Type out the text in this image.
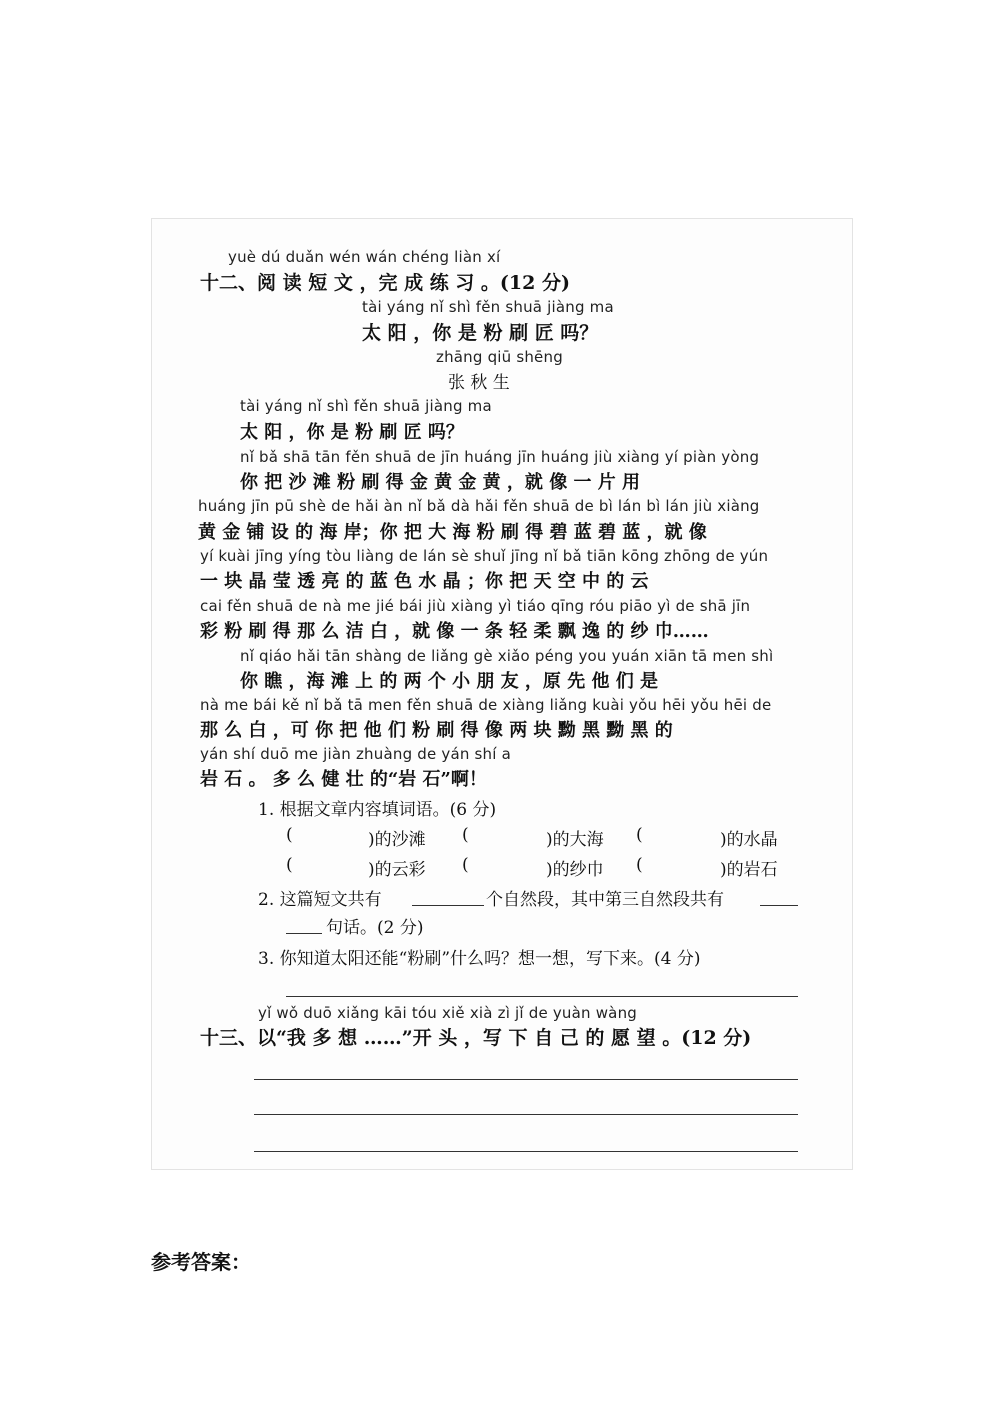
yuè dú duǎn wén wán chéng liàn xí
十二、阅 读 短 文 ，完 成 练 习 。(12 分)
tài yáng nǐ shì fěn shuā jiàng ma
太 阳 ，你 是 粉 刷 匠 吗？
zhāng qiū shēng
张 秋 生
tài yáng nǐ shì fěn shuā jiàng ma
太 阳 ，你 是 粉 刷 匠 吗？
nǐ bǎ shā tān fěn shuā de jīn huáng jīn huáng jiù xiàng yí piàn yòng
你 把 沙 滩 粉 刷 得 金 黄 金 黄 ，就 像 一 片 用
huáng jīn pū shè de hǎi àn nǐ bǎ dà hǎi fěn shuā de bì lán bì lán jiù xiàng
黄 金 铺 设 的 海 岸；你 把 大 海 粉 刷 得 碧 蓝 碧 蓝 ，就 像
yí kuài jīng yíng tòu liàng de lán sè shuǐ jīng nǐ bǎ tiān kōng zhōng de yún
一 块 晶 莹 透 亮 的 蓝 色 水 晶 ；你 把 天 空 中 的 云
cai fěn shuā de nà me jié bái jiù xiàng yì tiáo qīng róu piāo yì de shā jīn
彩 粉 刷 得 那 么 洁 白 ，就 像 一 条 轻 柔 飘 逸 的 纱 巾……
nǐ qiáo hǎi tān shàng de liǎng gè xiǎo péng you yuán xiān tā men shì
你 瞧 ，海 滩 上 的 两 个 小 朋 友 ，原 先 他 们 是
nà me bái kě nǐ bǎ tā men fěn shuā de xiàng liǎng kuài yǒu hēi yǒu hēi de
那 么 白 ，可 你 把 他 们 粉 刷 得 像 两 块 黝 黑 黝 黑 的
yán shí duō me jiàn zhuàng de yán shí a
岩 石 。 多 么 健 壮 的“岩 石”啊！
1. 根据文章内容填词语。(6 分)
(	)的沙滩 (	)的大海 (	)的水晶
(	)的云彩 (	)的纱巾 (	)的岩石
2. 这篇短文共有	个自然段，其中第三自然段共有
句话。(2 分)
3. 你知道太阳还能“粉刷”什么吗？想一想，写下来。(4 分)
yǐ wǒ duō xiǎng kāi tóu xiě xià zì jǐ de yuàn wàng
十三、以“我 多 想 ……”开 头 ，写 下 自 己 的 愿 望 。(12 分)
参考答案：
